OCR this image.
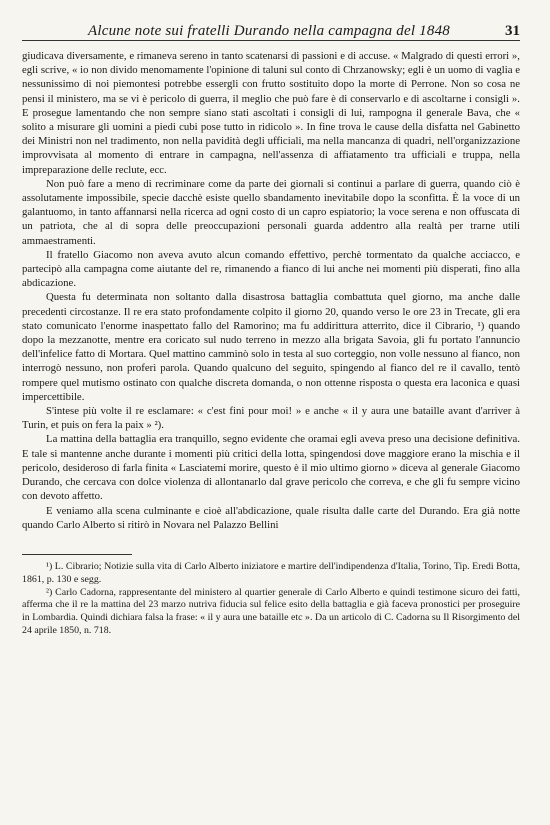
Alcune note sui fratelli Durando nella campagna del 1848	31

giudicava diversamente, e rimaneva sereno in tanto scatenarsi di passioni e di accuse. « Malgrado di questi errori », egli scrive, « io non divido menomamente l'opinione di taluni sul conto di Chrzanowsky; egli è un uomo di vaglia e nessunissimo di noi piemontesi potrebbe essergli con frutto sostituito dopo la morte di Perrone. Non so cosa ne pensi il ministero, ma se vi è pericolo di guerra, il meglio che può fare è di conservarlo e di ascoltarne i consigli ». E prosegue lamentando che non sempre siano stati ascoltati i consigli di lui, rampogna il generale Bava, che « solito a misurare gli uomini a piedi cubi pose tutto in ridicolo ». In fine trova le cause della disfatta nel Gabinetto dei Ministri non nel tradimento, non nella pavidità degli ufficiali, ma nella mancanza di quadri, nell'organizzazione improvvisata al momento di entrare in campagna, nell'assenza di affiatamento tra ufficiali e truppa, nella impreparazione delle reclute, ecc.

Non può fare a meno di recriminare come da parte dei giornali si continui a parlare di guerra, quando ciò è assolutamente impossibile, specie dacchè esiste quello sbandamento inevitabile dopo la sconfitta. È la voce di un galantuomo, in tanto affannarsi nella ricerca ad ogni costo di un capro espiatorio; la voce serena e non offuscata di un patriota, che al di sopra delle preoccupazioni personali guarda addentro alla realtà per trarne utili ammaestramenti.

Il fratello Giacomo non aveva avuto alcun comando effettivo, perchè tormentato da qualche acciacco, e partecipò alla campagna come aiutante del re, rimanendo a fianco di lui anche nei momenti più disperati, fino alla abdicazione.

Questa fu determinata non soltanto dalla disastrosa battaglia combattuta quel giorno, ma anche dalle precedenti circostanze. Il re era stato profondamente colpito il giorno 20, quando verso le ore 23 in Trecate, gli era stato comunicato l'enorme inaspettato fallo del Ramorino; ma fu addirittura atterrito, dice il Cibrario, ¹) quando dopo la mezzanotte, mentre era coricato sul nudo terreno in mezzo alla brigata Savoia, gli fu portato l'annuncio dell'infelice fatto di Mortara. Quel mattino camminò solo in testa al suo corteggio, non volle nessuno al fianco, non interrogò nessuno, non proferì parola. Quando qualcuno del seguito, spingendo al fianco del re il cavallo, tentò rompere quel mutismo ostinato con qualche discreta domanda, o non ottenne risposta o questa era laconica e quasi impercettibile.

S'intese più volte il re esclamare: « c'est fini pour moi! » e anche « il y aura une bataille avant d'arriver à Turin, et puis on fera la paix » ²).

La mattina della battaglia era tranquillo, segno evidente che oramai egli aveva preso una decisione definitiva. E tale si mantenne anche durante i momenti più critici della lotta, spingendosi dove maggiore erano la mischia e il pericolo, desideroso di farla finita « Lasciatemi morire, questo è il mio ultimo giorno » diceva al generale Giacomo Durando, che cercava con dolce violenza di allontanarlo dal grave pericolo che correva, e che gli fu sempre vicino con devoto affetto.

E veniamo alla scena culminante e cioè all'abdicazione, quale risulta dalle carte del Durando. Era già notte quando Carlo Alberto si ritirò in Novara nel Palazzo Bellini

¹) L. Cibrario; Notizie sulla vita di Carlo Alberto iniziatore e martire dell'indipendenza d'Italia, Torino, Tip. Eredi Botta, 1861, p. 130 e segg.

²) Carlo Cadorna, rappresentante del ministero al quartier generale di Carlo Alberto e quindi testimone sicuro dei fatti, afferma che il re la mattina del 23 marzo nutriva fiducia sul felice esito della battaglia e già faceva pronostici per proseguire in Lombardia. Quindi dichiara falsa la frase: « il y aura une bataille etc ». Da un articolo di C. Cadorna su Il Risorgimento del 24 aprile 1850, n. 718.
